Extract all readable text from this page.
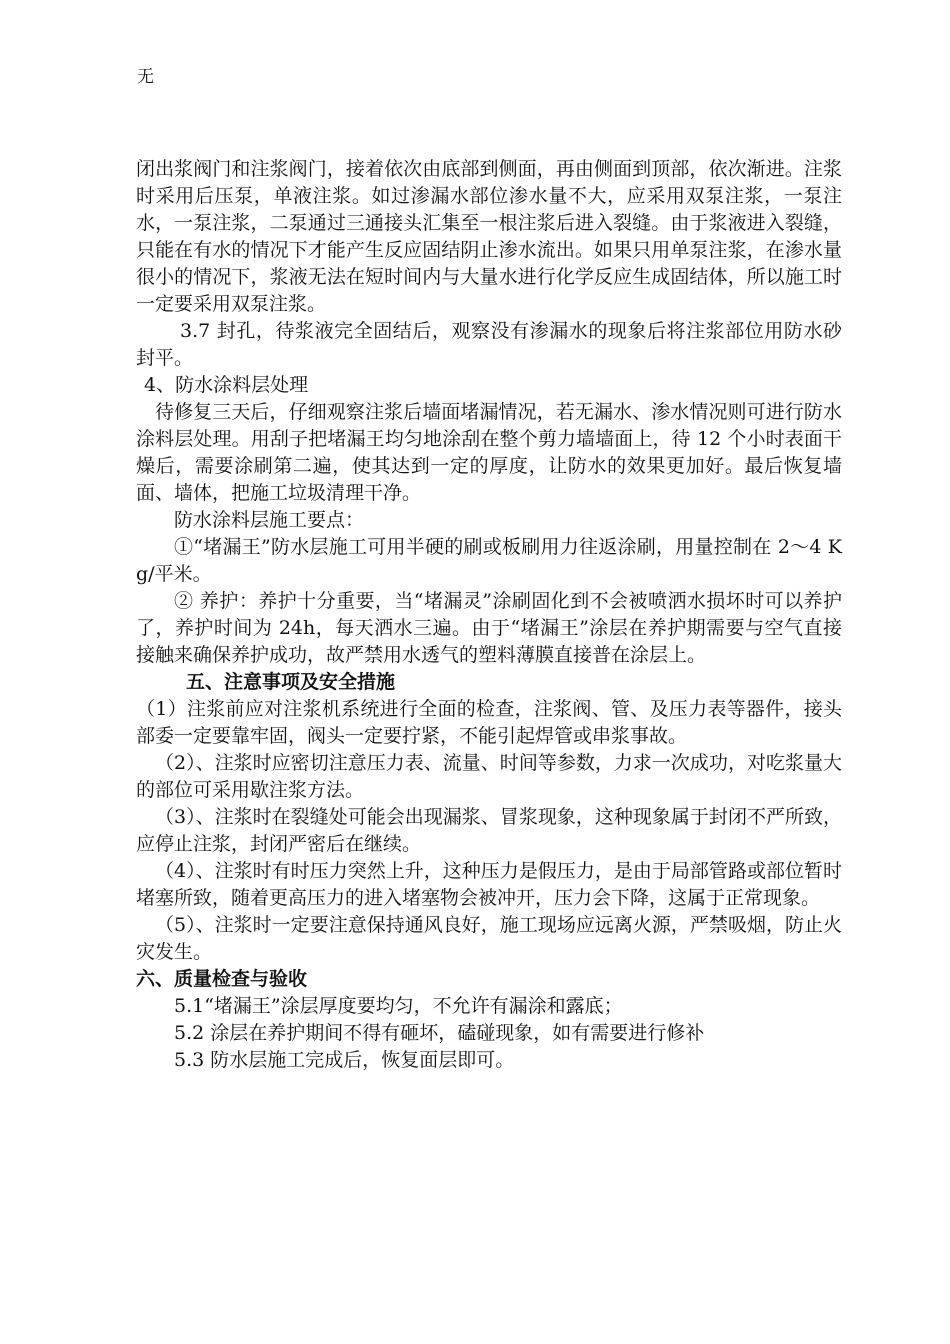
无

闭出浆阀门和注浆阀门，接着依次由底部到侧面，再由侧面到顶部，依次渐进。注浆时采用后压泵，单液注浆。如过渗漏水部位渗水量不大，应采用双泵注浆，一泵注水，一泵注浆，二泵通过三通接头汇集至一根注浆后进入裂缝。由于浆液进入裂缝，只能在有水的情况下才能产生反应固结阴止渗水流出。如果只用单泵注浆，在渗水量很小的情况下，浆液无法在短时间内与大量水进行化学反应生成固结体，所以施工时一定要采用双泵注浆。

3.7 封孔，待浆液完全固结后，观察没有渗漏水的现象后将注浆部位用防水砂封平。

4、防水涂料层处理

待修复三天后，仔细观察注浆后墙面堵漏情况，若无漏水、渗水情况则可进行防水涂料层处理。用刮子把堵漏王均匀地涂刮在整个剪力墙墙面上，待 12 个小时表面干燥后，需要涂刷第二遍，使其达到一定的厚度，让防水的效果更加好。最后恢复墙面、墙体，把施工垃圾清理干净。

防水涂料层施工要点：

①“堵漏王”防水层施工可用半硬的刷或板刷用力往返涂刷，用量控制在 2～4 Kg/平米。

② 养护：养护十分重要，当“堵漏灵”涂刷固化到不会被喷洒水损坏时可以养护了，养护时间为 24h，每天洒水三遍。由于“堵漏王”涂层在养护期需要与空气直接接触来确保养护成功，故严禁用水透气的塑料薄膜直接普在涂层上。

五、注意事项及安全措施

（1）注浆前应对注浆机系统进行全面的检查，注浆阀、管、及压力表等器件，接头部委一定要靠牢固，阀头一定要拧紧，不能引起焊管或串浆事故。

（2）、注浆时应密切注意压力表、流量、时间等参数，力求一次成功，对吃浆量大的部位可采用歇注浆方法。

（3）、注浆时在裂缝处可能会出现漏浆、冒浆现象，这种现象属于封闭不严所致，应停止注浆，封闭严密后在继续。

（4）、注浆时有时压力突然上升，这种压力是假压力，是由于局部管路或部位暂时堵塞所致，随着更高压力的进入堵塞物会被冲开，压力会下降，这属于正常现象。

（5）、注浆时一定要注意保持通风良好，施工现场应远离火源，严禁吸烟，防止火灾发生。

六、质量检查与验收

5.1“堵漏王”涂层厚度要均匀，不允许有漏涂和露底；

5.2 涂层在养护期间不得有砸坏，磕碰现象，如有需要进行修补

5.3 防水层施工完成后，恢复面层即可。
